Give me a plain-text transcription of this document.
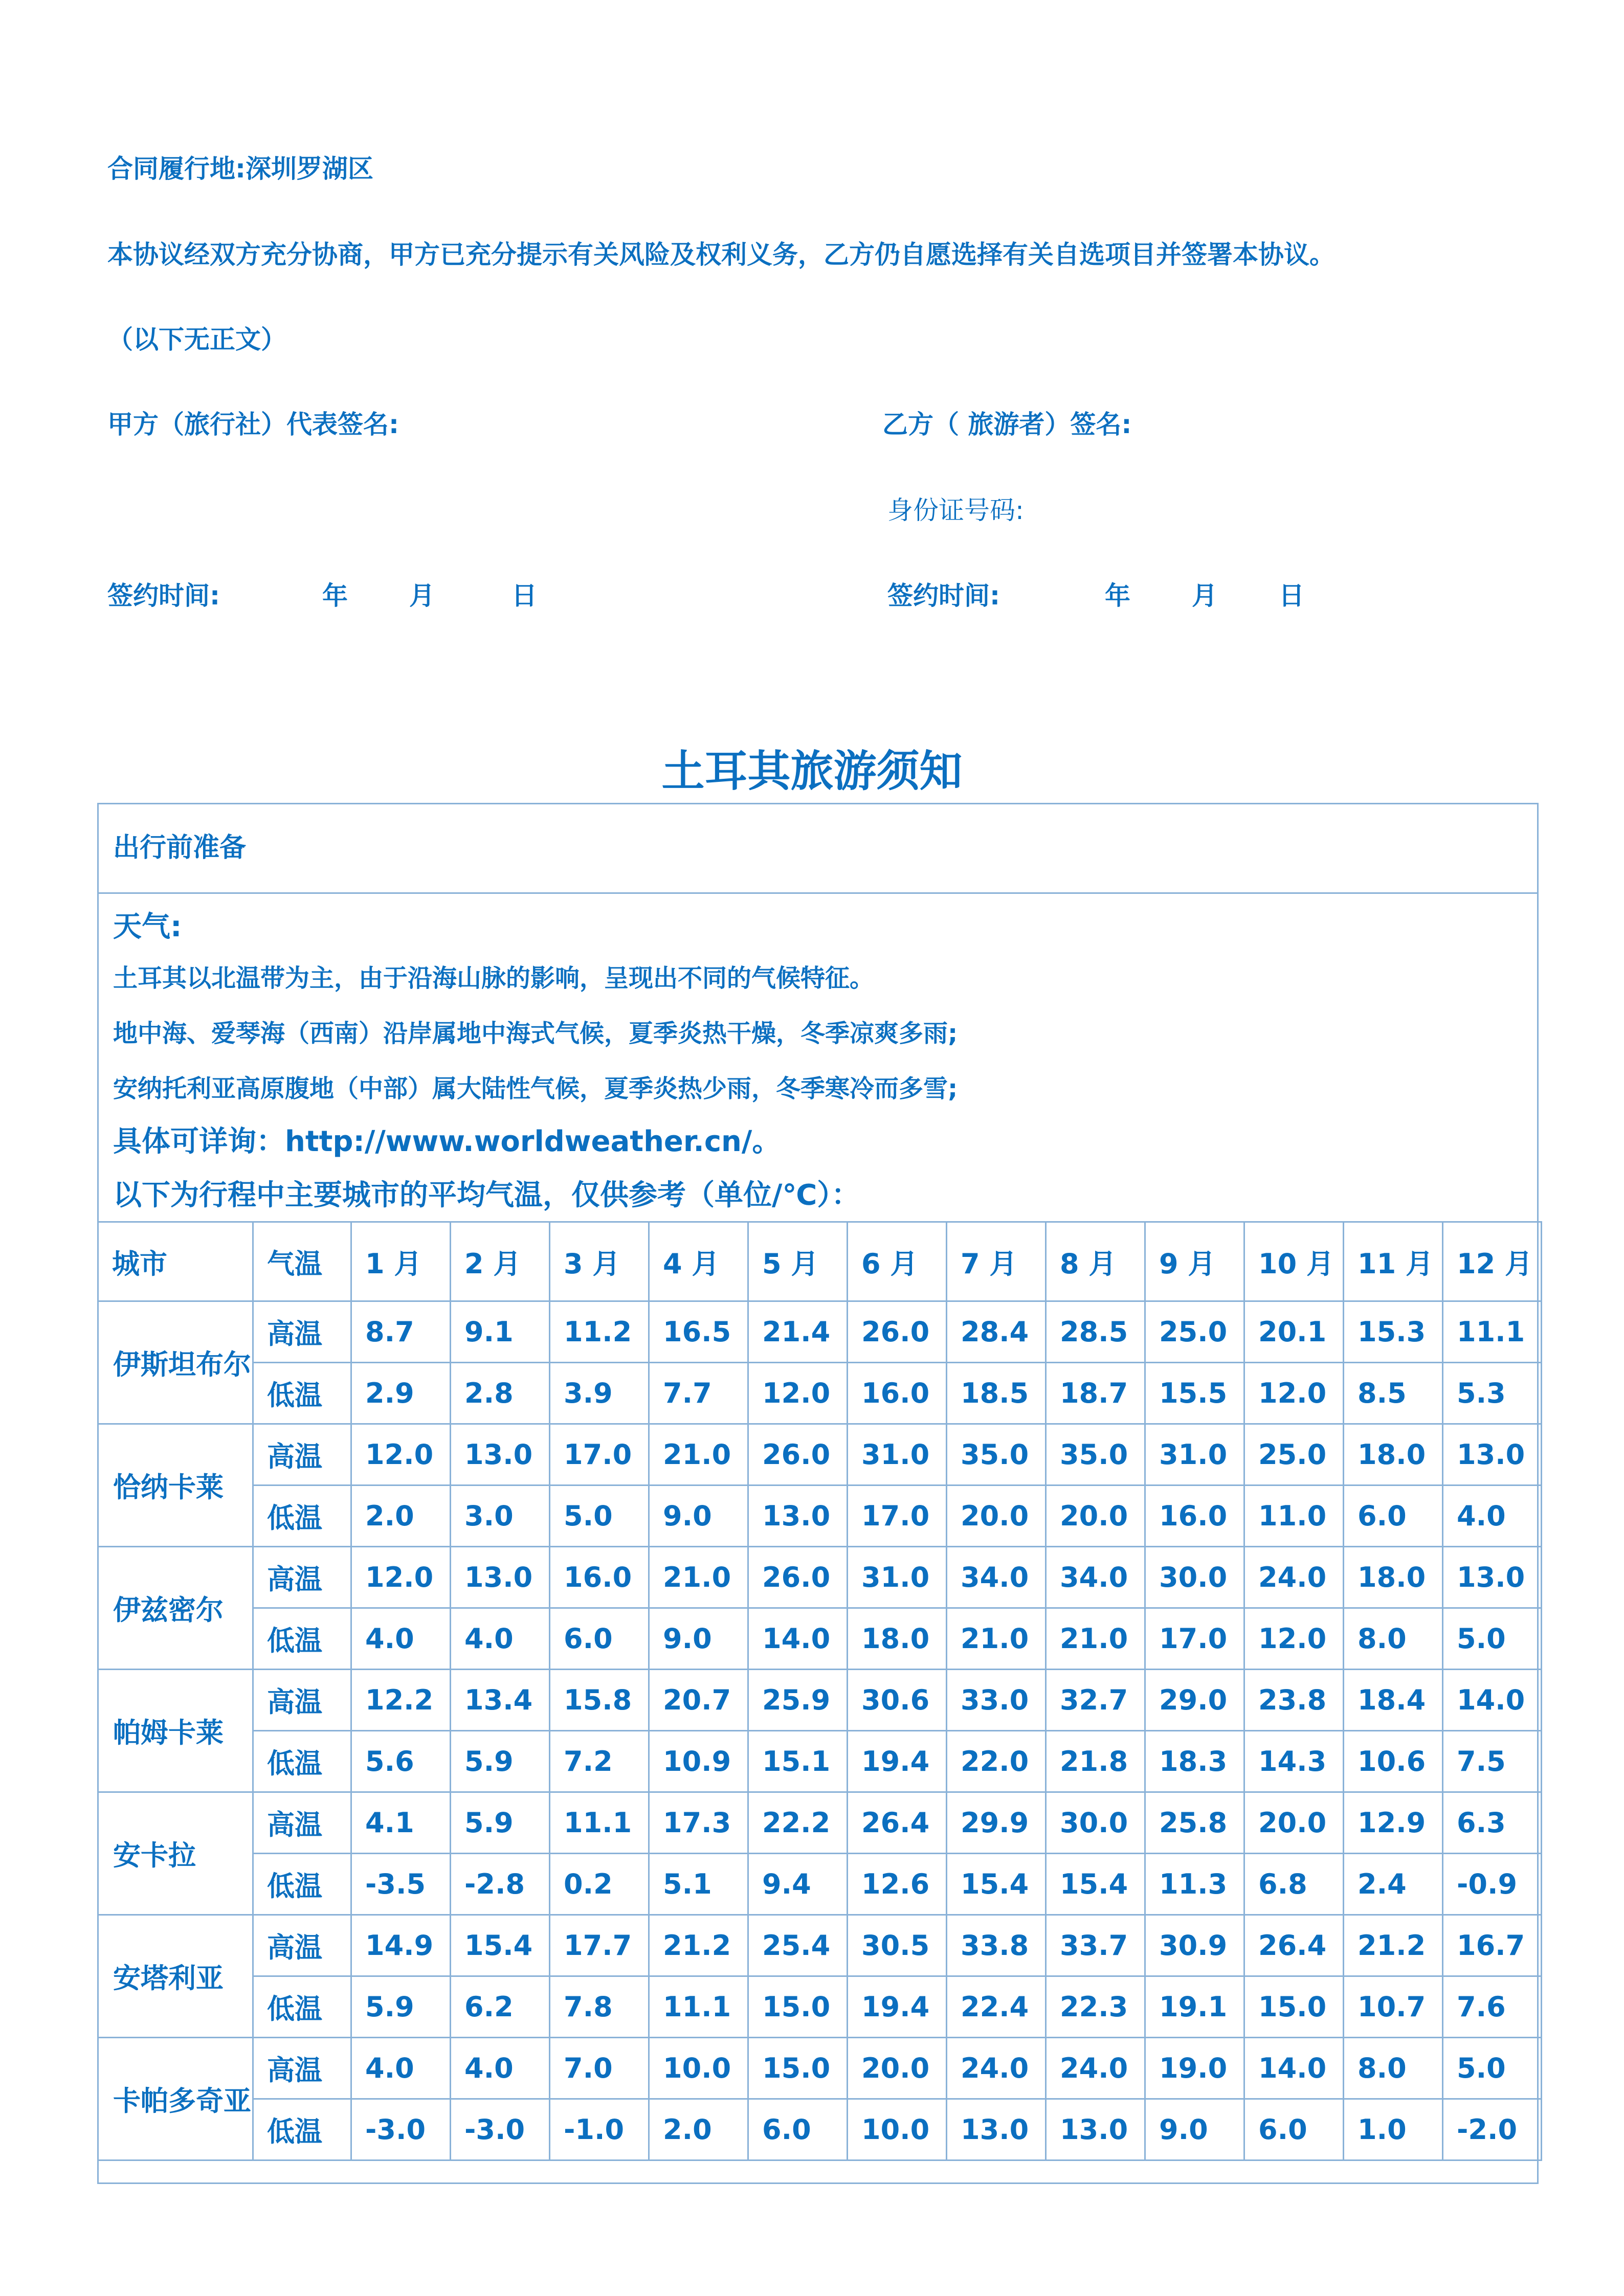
合同履行地:深圳罗湖区
本协议经双方充分协商，甲方已充分提示有关风险及权利义务，乙方仍自愿选择有关自选项目并签署本协议。
（以下无正文）
甲方（旅行社）代表签名:	乙方（ 旅游者）签名:
身份证号码:
签约时间:	年 月	日	签约时间:	年 月 日
土耳其旅游须知
出行前准备
天气:
土耳其以北温带为主，由于沿海山脉的影响，呈现出不同的气候特征。
地中海、爱琴海（西南）沿岸属地中海式气候，夏季炎热干燥，冬季凉爽多雨;
安纳托利亚高原腹地（中部）属大陆性气候，夏季炎热少雨，冬季寒冷而多雪;
具体可详询：http://www.worldweather.cn/。
以下为行程中主要城市的平均气温，仅供参考（单位/℃）：
城市	气温	1 月	2 月	3 月	4 月	5 月	6 月	7 月	8 月	9 月	10 月	11 月	12 月
伊斯坦布尔	高温	8.7	9.1	11.2	16.5	21.4	26.0	28.4	28.5	25.0	20.1	15.3	11.1
	低温	2.9	2.8	3.9	7.7	12.0	16.0	18.5	18.7	15.5	12.0	8.5	5.3
恰纳卡莱	高温	12.0	13.0	17.0	21.0	26.0	31.0	35.0	35.0	31.0	25.0	18.0	13.0
	低温	2.0	3.0	5.0	9.0	13.0	17.0	20.0	20.0	16.0	11.0	6.0	4.0
伊兹密尔	高温	12.0	13.0	16.0	21.0	26.0	31.0	34.0	34.0	30.0	24.0	18.0	13.0
	低温	4.0	4.0	6.0	9.0	14.0	18.0	21.0	21.0	17.0	12.0	8.0	5.0
帕姆卡莱	高温	12.2	13.4	15.8	20.7	25.9	30.6	33.0	32.7	29.0	23.8	18.4	14.0
	低温	5.6	5.9	7.2	10.9	15.1	19.4	22.0	21.8	18.3	14.3	10.6	7.5
安卡拉	高温	4.1	5.9	11.1	17.3	22.2	26.4	29.9	30.0	25.8	20.0	12.9	6.3
	低温	-3.5	-2.8	0.2	5.1	9.4	12.6	15.4	15.4	11.3	6.8	2.4	-0.9
安塔利亚	高温	14.9	15.4	17.7	21.2	25.4	30.5	33.8	33.7	30.9	26.4	21.2	16.7
	低温	5.9	6.2	7.8	11.1	15.0	19.4	22.4	22.3	19.1	15.0	10.7	7.6
卡帕多奇亚	高温	4.0	4.0	7.0	10.0	15.0	20.0	24.0	24.0	19.0	14.0	8.0	5.0
	低温	-3.0	-3.0	-1.0	2.0	6.0	10.0	13.0	13.0	9.0	6.0	1.0	-2.0
